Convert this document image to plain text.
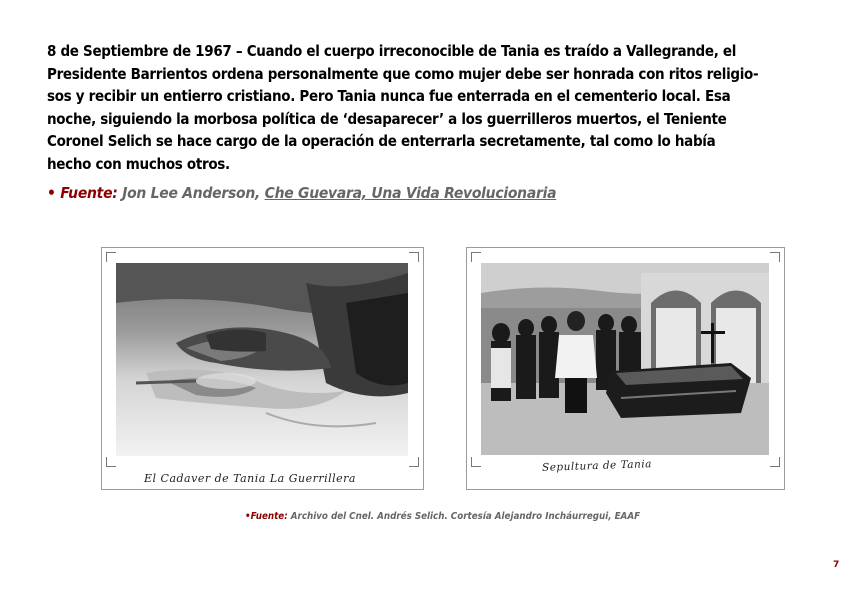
8 de Septiembre de 1967 – Cuando el cuerpo irreconocible de Tania es traído a Vallegrande, el
Presidente Barrientos ordena personalmente que como mujer debe ser honrada con ritos religio-
sos y recibir un entierro cristiano. Pero Tania nunca fue enterrada en el cementerio local. Esa
noche, siguiendo la morbosa política de ‘desaparecer’ a los guerrilleros muertos, el Teniente
Coronel Selich se hace cargo de la operación de enterrarla secretamente, tal como lo había
hecho con muchos otros.
• Fuente: Jon Lee Anderson, Che Guevara, Una Vida Revolucionaria
El Cadaver de Tania La Guerrillera
Sepultura de Tania
•Fuente: Archivo del Cnel. Andrés Selich. Cortesía Alejandro Incháurregui, EAAF
7
